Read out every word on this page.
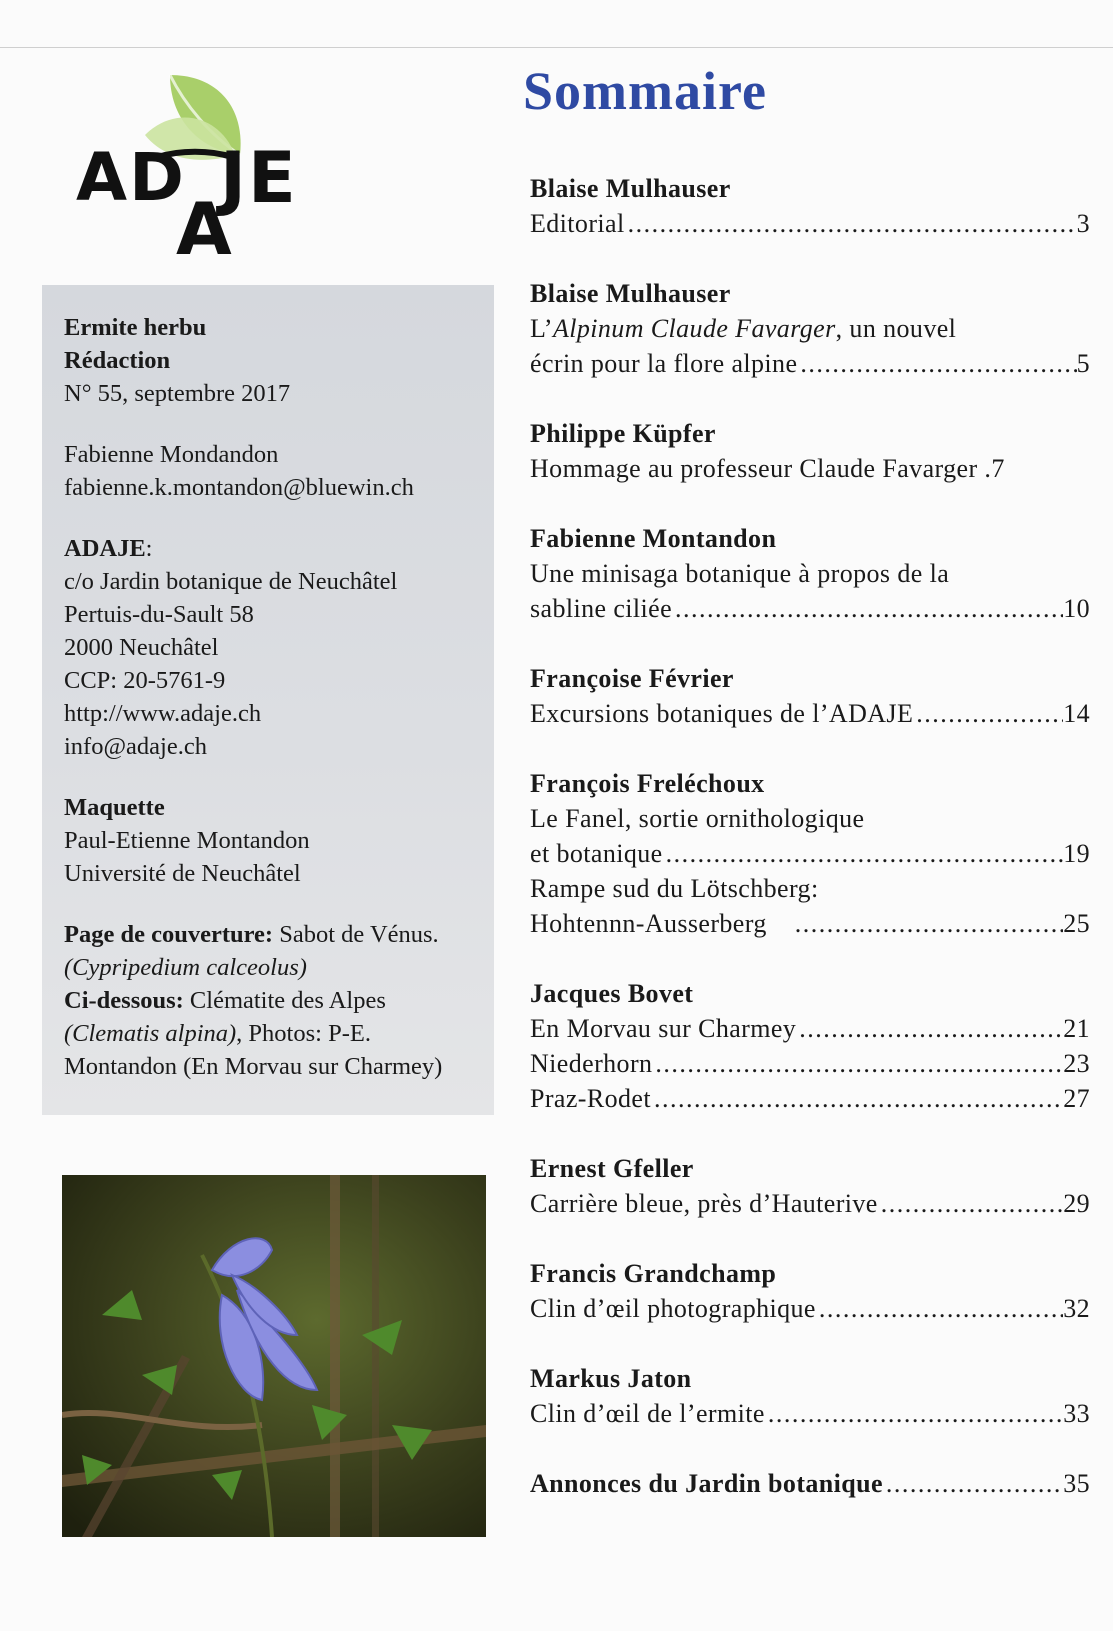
AD JE
A

Ermite herbu

Rédaction

N° 55, septembre 2017

Fabienne Mondandon

fabienne.k.montandon@bluewin.ch

ADAJE:

c/o Jardin botanique de Neuchâtel

Pertuis-du-Sault 58

2000 Neuchâtel

CCP: 20-5761-9

http://www.adaje.ch

info@adaje.ch

Maquette

Paul-Etienne Montandon

Université de Neuchâtel

Page de couverture: Sabot de Vénus.

(Cypripedium calceolus)

Ci-dessous: Clématite des Alpes

(Clematis alpina), Photos: P-E.

Montandon (En Morvau sur Charmey)

Sommaire
Blaise Mulhauser
Editorial .....	3
Blaise Mulhauser
L’Alpinum Claude Favarger, un nouvel
écrin pour la flore alpine .....	5
Philippe Küpfer
Hommage au professeur Claude Favarger .7
Fabienne Montandon
Une minisaga botanique à propos de la
sabline ciliée .....	10
Françoise Février
Excursions botaniques de l’ADAJE .....	14
François Freléchoux
Le Fanel, sortie ornithologique
et botanique .....	19
Rampe sud du Lötschberg:
Hohtennn-Ausserberg .....	25
Jacques Bovet
En Morvau sur Charmey .....	21
Niederhorn .....	23
Praz-Rodet .....	27
Ernest Gfeller
Carrière bleue, près d’Hauterive .....	29
Francis Grandchamp
Clin d’œil photographique .....	32
Markus Jaton
Clin d’œil de l’ermite .....	33
Annonces du Jardin botanique .....	35
